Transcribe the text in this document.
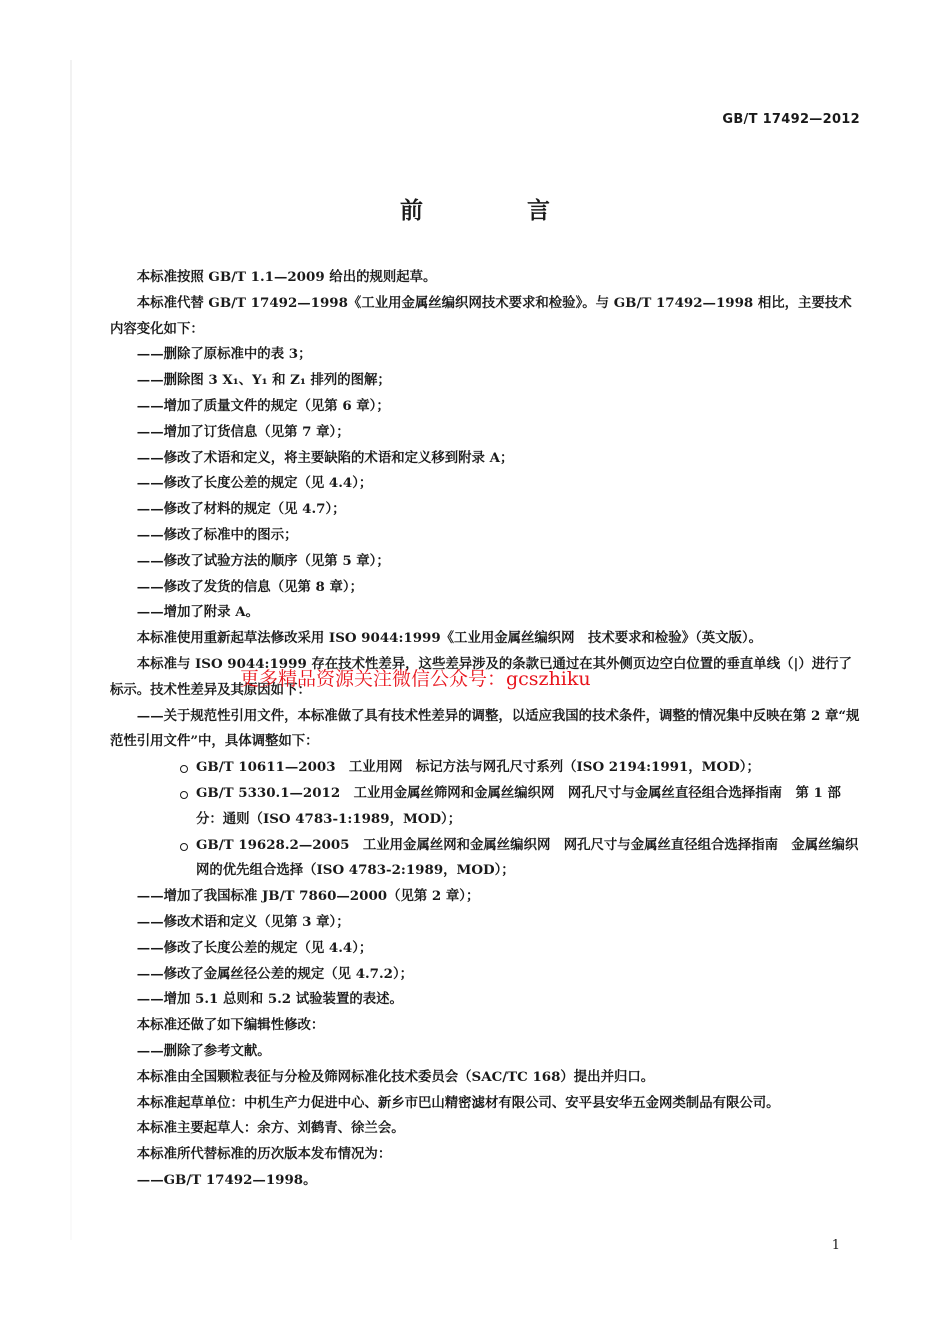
GB/T 17492—2012
前 言

本标准按照 GB/T 1.1—2009 给出的规则起草。

本标准代替 GB/T 17492—1998《工业用金属丝编织网技术要求和检验》。与 GB/T 17492—1998 相比，主要技术内容变化如下：

——删除了原标准中的表 3；

——删除图 3 X₁、Y₁ 和 Z₁ 排列的图解；

——增加了质量文件的规定（见第 6 章）；

——增加了订货信息（见第 7 章）；

——修改了术语和定义，将主要缺陷的术语和定义移到附录 A；

——修改了长度公差的规定（见 4.4）；

——修改了材料的规定（见 4.7）；

——修改了标准中的图示；

——修改了试验方法的顺序（见第 5 章）；

——修改了发货的信息（见第 8 章）；

——增加了附录 A。

本标准使用重新起草法修改采用 ISO 9044:1999《工业用金属丝编织网　技术要求和检验》（英文版）。

本标准与 ISO 9044:1999 存在技术性差异，这些差异涉及的条款已通过在其外侧页边空白位置的垂直单线（|）进行了标示。技术性差异及其原因如下：

——关于规范性引用文件，本标准做了具有技术性差异的调整，以适应我国的技术条件，调整的情况集中反映在第 2 章“规范性引用文件”中，具体调整如下：

GB/T 10611—2003　工业用网　标记方法与网孔尺寸系列（ISO 2194:1991，MOD）；

GB/T 5330.1—2012　工业用金属丝筛网和金属丝编织网　网孔尺寸与金属丝直径组合选择指南　第 1 部分：通则（ISO 4783-1:1989，MOD）；

GB/T 19628.2—2005　工业用金属丝网和金属丝编织网　网孔尺寸与金属丝直径组合选择指南　金属丝编织网的优先组合选择（ISO 4783-2:1989，MOD）；

——增加了我国标准 JB/T 7860—2000（见第 2 章）；

——修改术语和定义（见第 3 章）；

——修改了长度公差的规定（见 4.4）；

——修改了金属丝径公差的规定（见 4.7.2）；

——增加 5.1 总则和 5.2 试验装置的表述。

本标准还做了如下编辑性修改：

——删除了参考文献。

本标准由全国颗粒表征与分检及筛网标准化技术委员会（SAC/TC 168）提出并归口。

本标准起草单位：中机生产力促进中心、新乡市巴山精密滤材有限公司、安平县安华五金网类制品有限公司。

本标准主要起草人：余方、刘鹤青、徐兰会。

本标准所代替标准的历次版本发布情况为：

——GB/T 17492—1998。

更多精品资源关注微信公众号：gcszhiku
1
